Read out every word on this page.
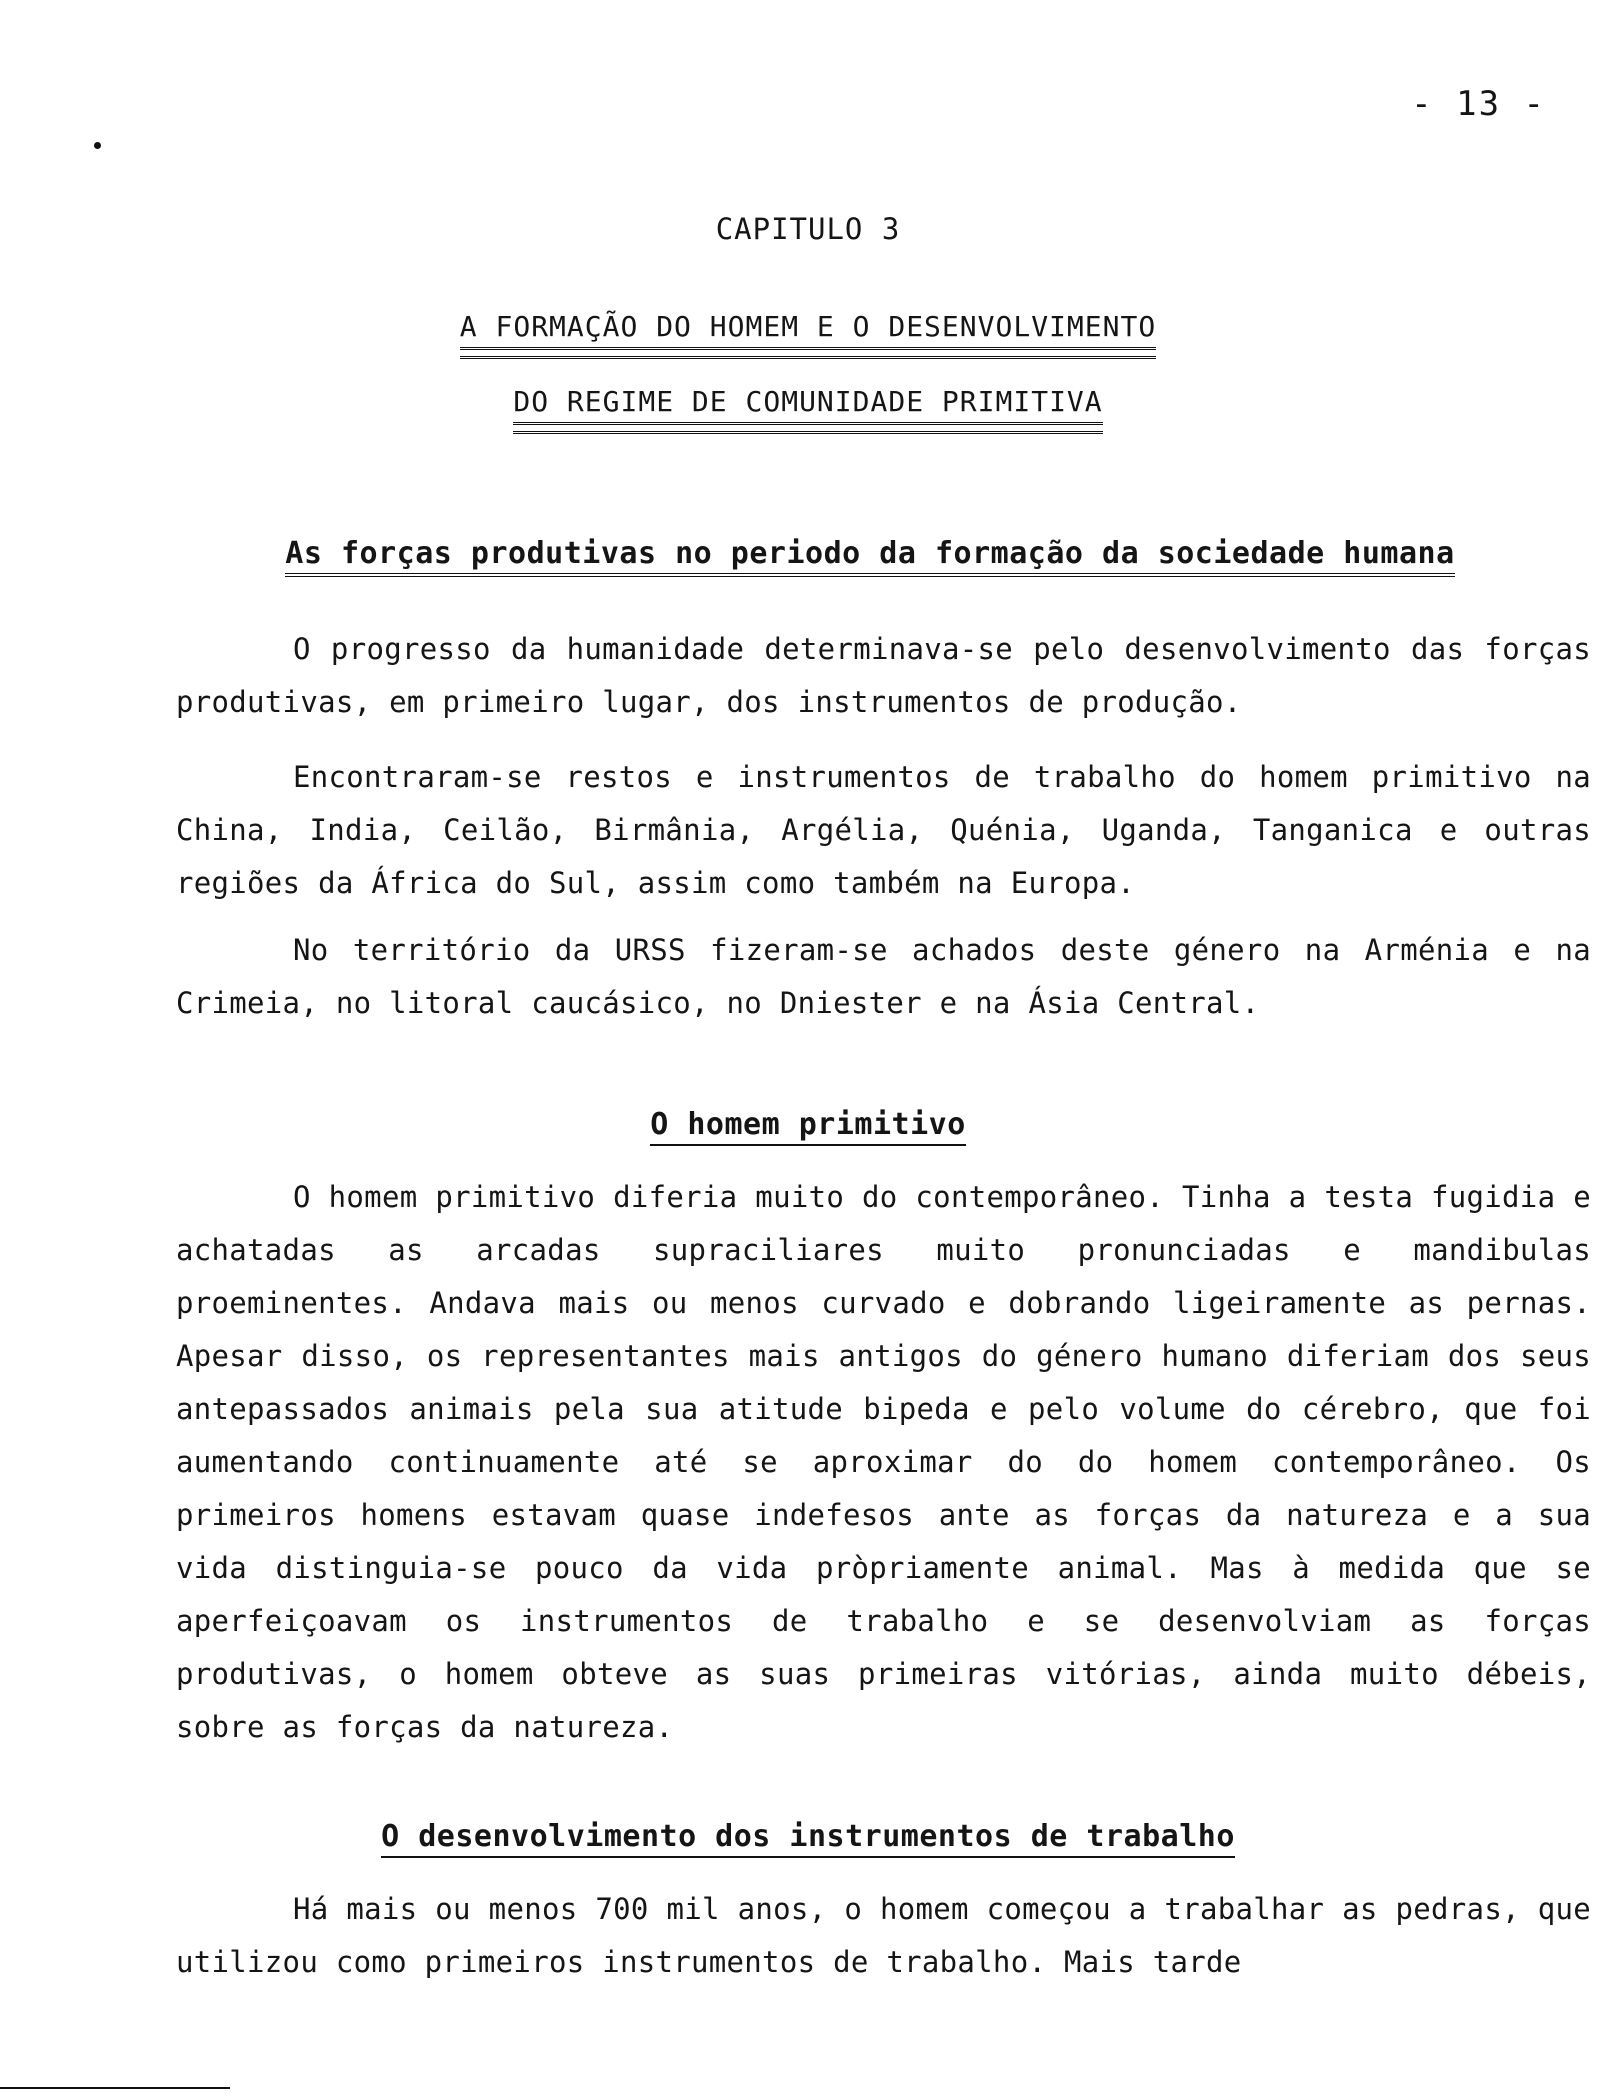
- 13 -
CAPITULO 3
A FORMAÇÃO DO HOMEM E O DESENVOLVIMENTO
DO REGIME DE COMUNIDADE PRIMITIVA
As forças produtivas no periodo da formação da sociedade humana

O progresso da humanidade determinava-se pelo desenvolvimento das forças produtivas, em primeiro lugar, dos instrumentos de produção.

Encontraram-se restos e instrumentos de trabalho do homem primitivo na China, India, Ceilão, Birmânia, Argélia, Quénia, Uganda, Tanganica e outras regiões da África do Sul, assim como também na Europa.

No território da URSS fizeram-se achados deste género na Arménia e na Crimeia, no litoral caucásico, no Dniester e na Ásia Central.

O homem primitivo

O homem primitivo diferia muito do contemporâneo. Tinha a testa fugidia e achatadas as arcadas supraciliares muito pronunciadas e mandibulas proeminentes. Andava mais ou menos curvado e dobrando ligeiramente as pernas. Apesar disso, os representantes mais antigos do género humano diferiam dos seus antepassados animais pela sua atitude bipeda e pelo volume do cérebro, que foi aumentando continuamente até se aproximar do do homem contemporâneo. Os primeiros homens estavam quase indefesos ante as forças da natureza e a sua vida distinguia-se pouco da vida pròpriamente animal. Mas à medida que se aperfeiçoavam os instrumentos de trabalho e se desenvolviam as forças produtivas, o homem obteve as suas primeiras vitórias, ainda muito débeis, sobre as forças da natureza.

O desenvolvimento dos instrumentos de trabalho

Há mais ou menos 700 mil anos, o homem começou a trabalhar as pedras, que utilizou como primeiros instrumentos de trabalho. Mais tarde
